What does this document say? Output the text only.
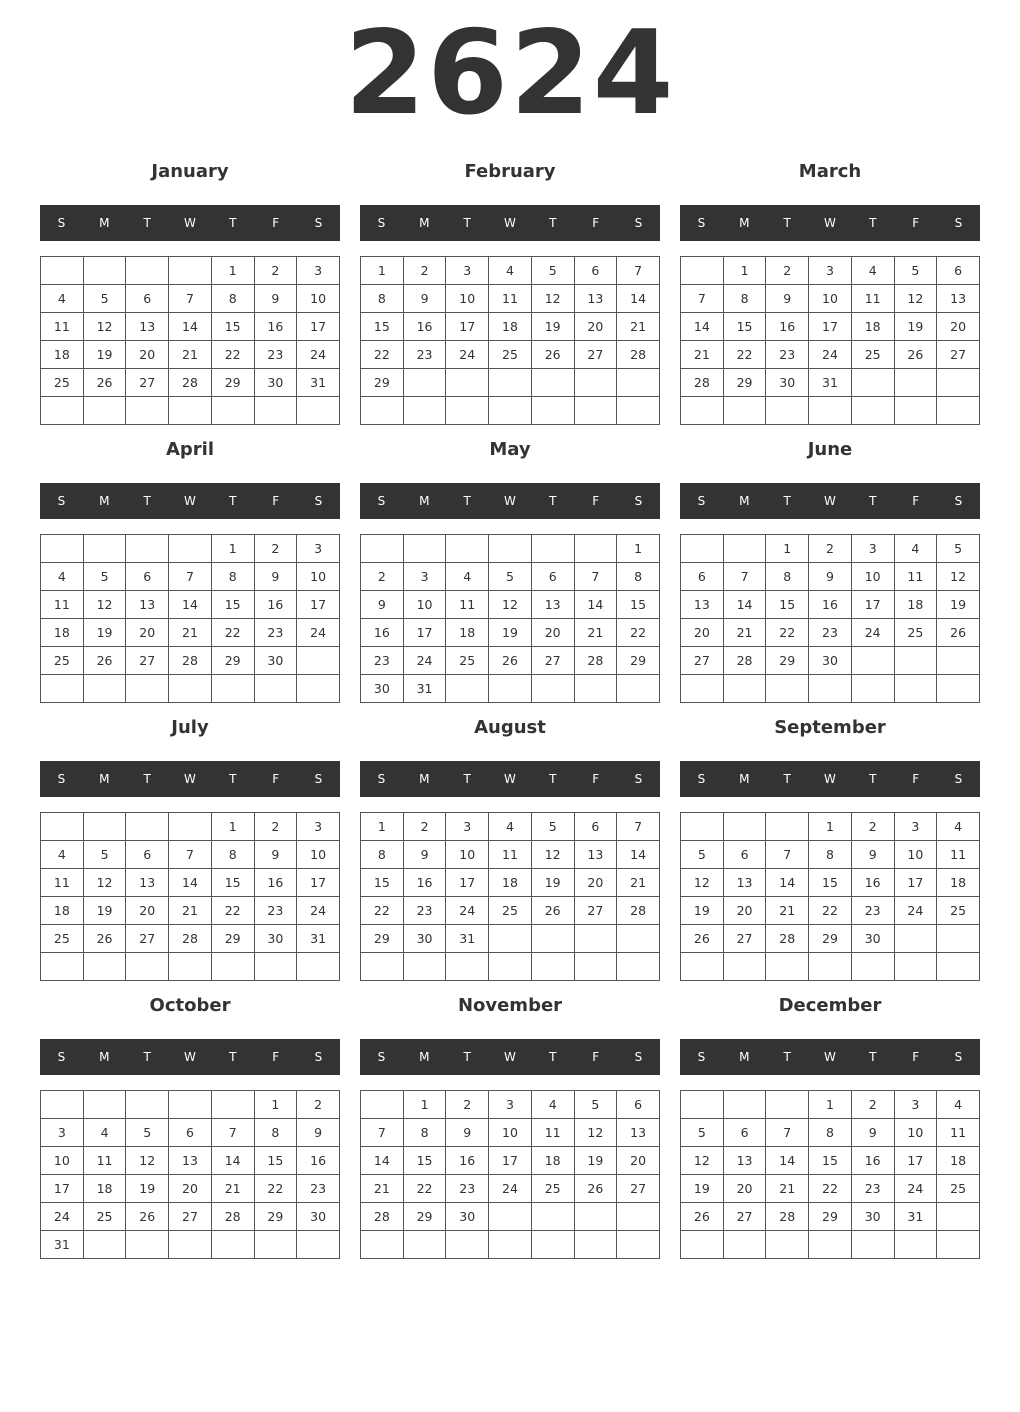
2624
January
S	M	T	W	T	F	S
				1	2	3
4	5	6	7	8	9	10
11	12	13	14	15	16	17
18	19	20	21	22	23	24
25	26	27	28	29	30	31

February
S	M	T	W	T	F	S
1	2	3	4	5	6	7
8	9	10	11	12	13	14
15	16	17	18	19	20	21
22	23	24	25	26	27	28
29						

March
S	M	T	W	T	F	S
	1	2	3	4	5	6
7	8	9	10	11	12	13
14	15	16	17	18	19	20
21	22	23	24	25	26	27
28	29	30	31			

April
S	M	T	W	T	F	S
				1	2	3
4	5	6	7	8	9	10
11	12	13	14	15	16	17
18	19	20	21	22	23	24
25	26	27	28	29	30	

May
S	M	T	W	T	F	S
						1
2	3	4	5	6	7	8
9	10	11	12	13	14	15
16	17	18	19	20	21	22
23	24	25	26	27	28	29
30	31					
June
S	M	T	W	T	F	S
		1	2	3	4	5
6	7	8	9	10	11	12
13	14	15	16	17	18	19
20	21	22	23	24	25	26
27	28	29	30			

July
S	M	T	W	T	F	S
				1	2	3
4	5	6	7	8	9	10
11	12	13	14	15	16	17
18	19	20	21	22	23	24
25	26	27	28	29	30	31

August
S	M	T	W	T	F	S
1	2	3	4	5	6	7
8	9	10	11	12	13	14
15	16	17	18	19	20	21
22	23	24	25	26	27	28
29	30	31				

September
S	M	T	W	T	F	S
			1	2	3	4
5	6	7	8	9	10	11
12	13	14	15	16	17	18
19	20	21	22	23	24	25
26	27	28	29	30		

October
S	M	T	W	T	F	S
					1	2
3	4	5	6	7	8	9
10	11	12	13	14	15	16
17	18	19	20	21	22	23
24	25	26	27	28	29	30
31						
November
S	M	T	W	T	F	S
	1	2	3	4	5	6
7	8	9	10	11	12	13
14	15	16	17	18	19	20
21	22	23	24	25	26	27
28	29	30				

December
S	M	T	W	T	F	S
			1	2	3	4
5	6	7	8	9	10	11
12	13	14	15	16	17	18
19	20	21	22	23	24	25
26	27	28	29	30	31	
